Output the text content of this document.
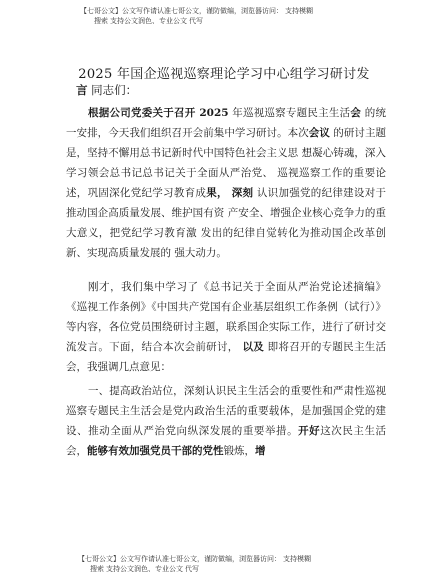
【七哥公文】公文写作请认准七哥公文，谨防做编，浏览器访问： 支持模糊
搜索 支持公文润色、专业公文 代写
2025 年国企巡视巡察理论学习中心组学习研讨发
言 同志们：

根据公司党委关于召开 2025 年巡视巡察专题民主生活会 的统一安排，今天我们组织召开会前集中学习研讨。本次会议 的研讨主题是，坚持不懈用总书记新时代中国特色社会主义思 想凝心铸魂，深入学习领会总书记总书记关于全面从严治党、 巡视巡察工作的重要论述，巩固深化党纪学习教育成果， 深刻 认识加强党的纪律建设对于推动国企高质量发展、维护国有资 产安全、增强企业核心竞争力的重大意义，把党纪学习教育激 发出的纪律自觉转化为推动国企改革创新、实现高质量发展的 强大动力。

刚才，我们集中学习了《总书记关于全面从严治党论述摘编》《巡视工作条例》《中国共产党国有企业基层组织工作条例（试行）》等内容，各位党员围绕研讨主题，联系国企实际工作，进行了研讨交流发言。下面，结合本次会前研讨， 以及 即将召开的专题民主生活会，我强调几点意见：

一、提高政治站位，深刻认识民主生活会的重要性和严肃性巡视巡察专题民主生活会是党内政治生活的重要载体，是加强国企党的建设、推动全面从严治党向纵深发展的重要举措。开好这次民主生活会，能够有效加强党员干部的党性锻炼，增

【七哥公文】公文写作请认准七哥公文，谨防做编，浏览器访问： 支持模糊
搜索 支持公文润色、专业公文 代写
